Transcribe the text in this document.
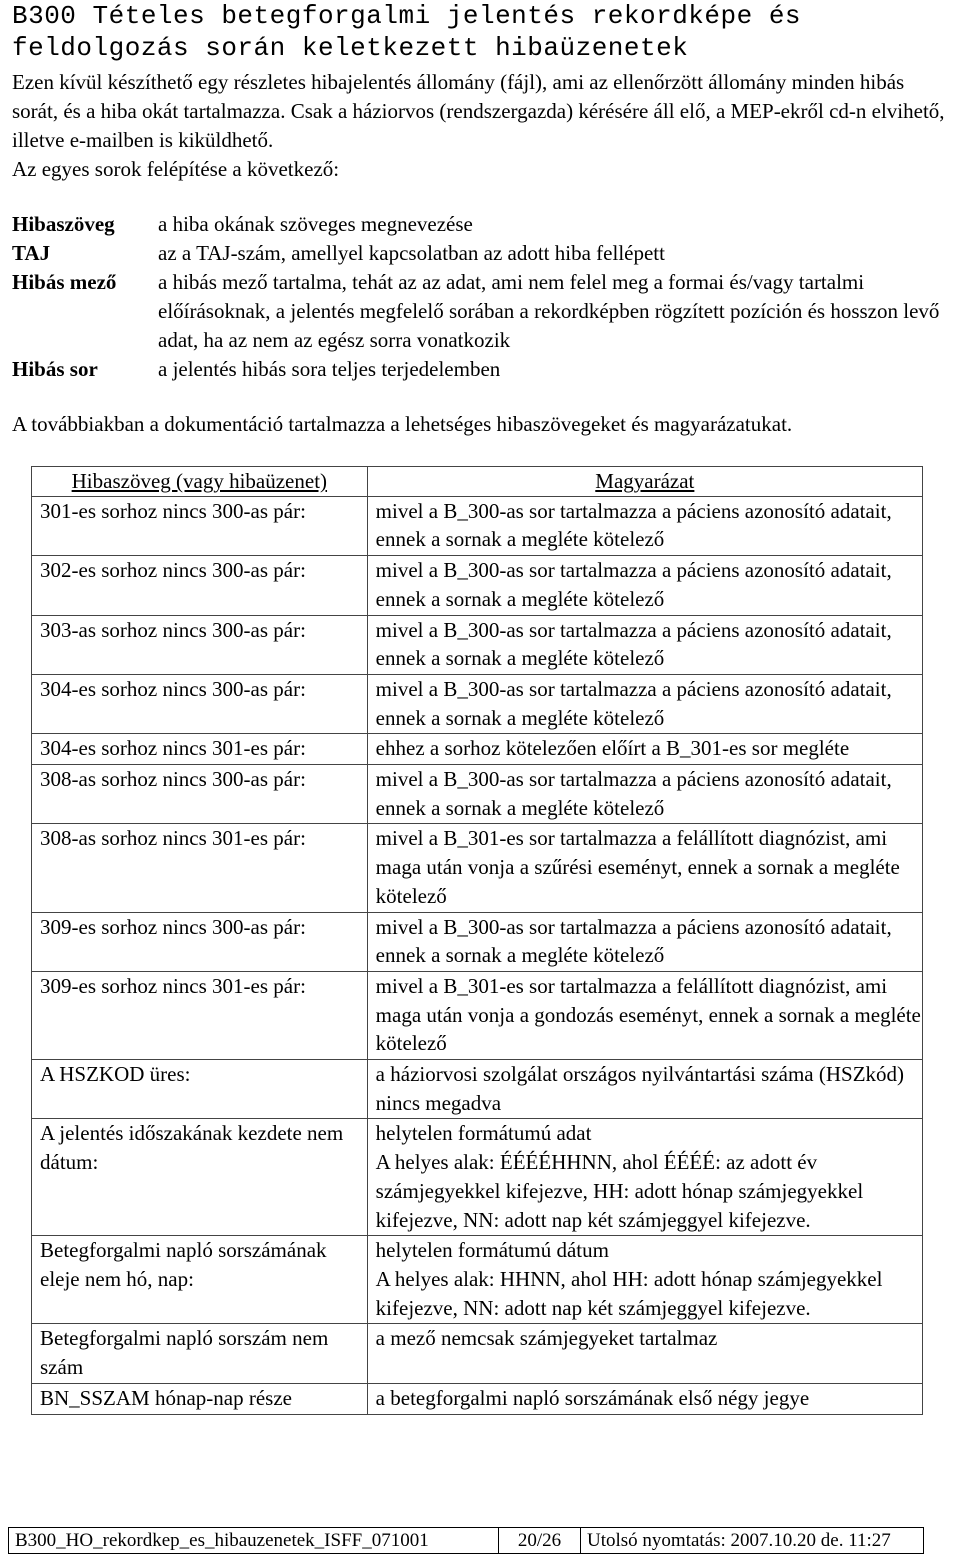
B300 Tételes betegforgalmi jelentés rekordképe és feldolgozás során keletkezett hibaüzenetek

Ezen kívül készíthető egy részletes hibajelentés állomány (fájl), ami az ellenőrzött állomány minden hibás sorát, és a hiba okát tartalmazza. Csak a háziorvos (rendszergazda) kérésére áll elő, a MEP-ekről cd-n elvihető, illetve e-mailben is kiküldhető.

Az egyes sorok felépítése a következő:

Hibaszöveg	a hiba okának szöveges megnevezése
TAJ	az a TAJ-szám, amellyel kapcsolatban az adott hiba fellépett
Hibás mező	a hibás mező tartalma, tehát az az adat, ami nem felel meg a formai és/vagy tartalmi előírásoknak, a jelentés megfelelő sorában a rekordképben rögzített pozíción és hosszon levő adat, ha az nem az egész sorra vonatkozik
Hibás sor	a jelentés hibás sora teljes terjedelemben
A továbbiakban a dokumentáció tartalmazza a lehetséges hibaszövegeket és magyarázatukat.
Hibaszöveg (vagy hibaüzenet)	Magyarázat
301-es sorhoz nincs 300-as pár:	mivel a B_300-as sor tartalmazza a páciens azonosító adatait, ennek a sornak a megléte kötelező
302-es sorhoz nincs 300-as pár:	mivel a B_300-as sor tartalmazza a páciens azonosító adatait, ennek a sornak a megléte kötelező
303-as sorhoz nincs 300-as pár:	mivel a B_300-as sor tartalmazza a páciens azonosító adatait, ennek a sornak a megléte kötelező
304-es sorhoz nincs 300-as pár:	mivel a B_300-as sor tartalmazza a páciens azonosító adatait, ennek a sornak a megléte kötelező
304-es sorhoz nincs 301-es pár:	ehhez a sorhoz kötelezően előírt a B_301-es sor megléte
308-as sorhoz nincs 300-as pár:	mivel a B_300-as sor tartalmazza a páciens azonosító adatait, ennek a sornak a megléte kötelező
308-as sorhoz nincs 301-es pár:	mivel a B_301-es sor tartalmazza a felállított diagnózist, ami maga után vonja a szűrési eseményt, ennek a sornak a megléte kötelező
309-es sorhoz nincs 300-as pár:	mivel a B_300-as sor tartalmazza a páciens azonosító adatait, ennek a sornak a megléte kötelező
309-es sorhoz nincs 301-es pár:	mivel a B_301-es sor tartalmazza a felállított diagnózist, ami maga után vonja a gondozás eseményt, ennek a sornak a megléte kötelező
A HSZKOD üres:	a háziorvosi szolgálat országos nyilvántartási száma (HSZkód) nincs megadva
A jelentés időszakának kezdete nem dátum:	helytelen formátumú adat
A helyes alak: ÉÉÉÉHHNN, ahol ÉÉÉÉ: az adott év számjegyekkel kifejezve, HH: adott hónap számjegyekkel kifejezve, NN: adott nap két számjeggyel kifejezve.
Betegforgalmi napló sorszámának eleje nem hó, nap:	helytelen formátumú dátum
A helyes alak: HHNN, ahol HH: adott hónap számjegyekkel kifejezve, NN: adott nap két számjeggyel kifejezve.
Betegforgalmi napló sorszám nem szám	a mező nemcsak számjegyeket tartalmaz
BN_SSZAM hónap-nap része	a betegforgalmi napló sorszámának első négy jegye
B300_HO_rekordkep_es_hibauzenetek_ISFF_071001	20/26	Utolsó nyomtatás: 2007.10.20 de. 11:27
